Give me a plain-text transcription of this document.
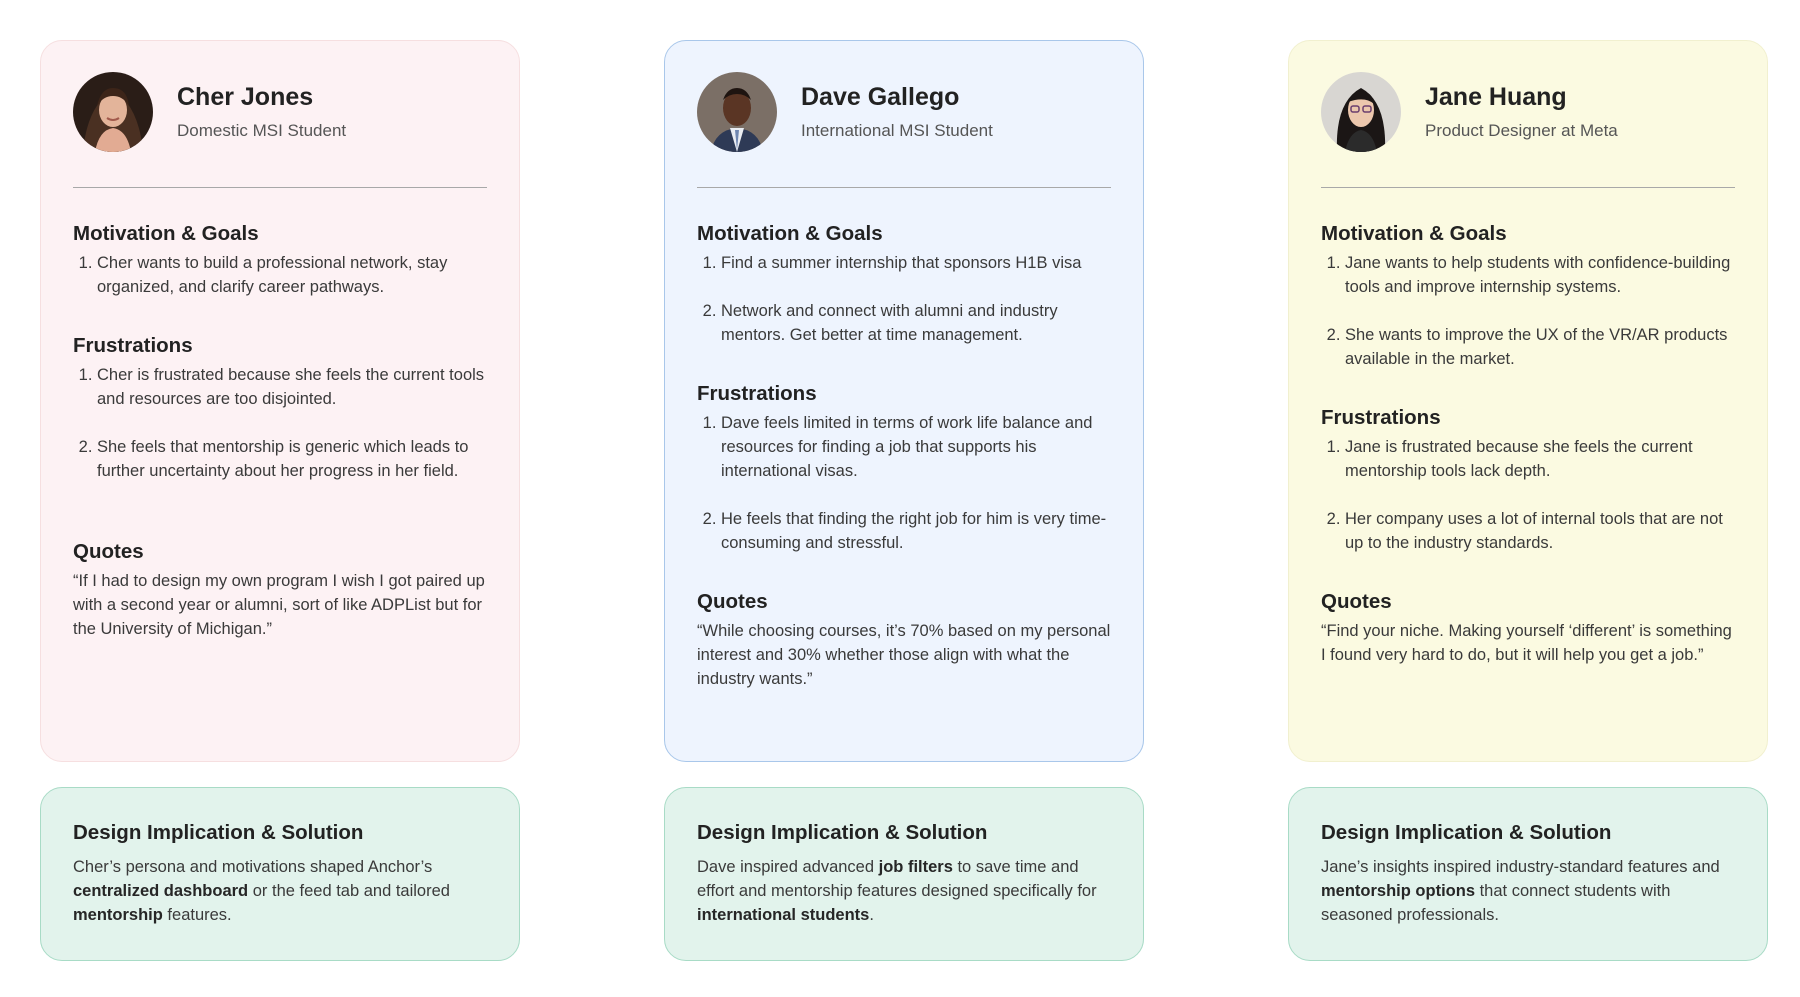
Cher Jones
Domestic MSI Student
Motivation & Goals
1. Cher wants to build a professional network, stay organized, and clarify career pathways.
Frustrations
1. Cher is frustrated because she feels the current tools and resources are too disjointed.
2. She feels that mentorship is generic which leads to further uncertainty about her progress in her field.
Quotes
“If I had to design my own program I wish I got paired up with a second year or alumni, sort of like ADPList but for the University of Michigan.”
Design Implication & Solution
Cher’s persona and motivations shaped Anchor’s centralized dashboard or the feed tab and tailored mentorship features.
Dave Gallego
International MSI Student
Motivation & Goals
1. Find a summer internship that sponsors H1B visa
2. Network and connect with alumni and industry mentors. Get better at time management.
Frustrations
1. Dave feels limited in terms of work life balance and resources for finding a job that supports his international visas.
2. He feels that finding the right job for him is very time-consuming and stressful.
Quotes
“While choosing courses, it’s 70% based on my personal interest and 30% whether those align with what the industry wants.”
Design Implication & Solution
Dave inspired advanced job filters to save time and effort and mentorship features designed specifically for international students.
Jane Huang
Product Designer at Meta
Motivation & Goals
1. Jane wants to help students with confidence-building tools and improve internship systems.
2. She wants to improve the UX of the VR/AR products available in the market.
Frustrations
1. Jane is frustrated because she feels the current mentorship tools lack depth.
2. Her company uses a lot of internal tools that are not up to the industry standards.
Quotes
“Find your niche. Making yourself ‘different’ is something I found very hard to do, but it will help you get a job.”
Design Implication & Solution
Jane’s insights inspired industry-standard features and mentorship options that connect students with seasoned professionals.
